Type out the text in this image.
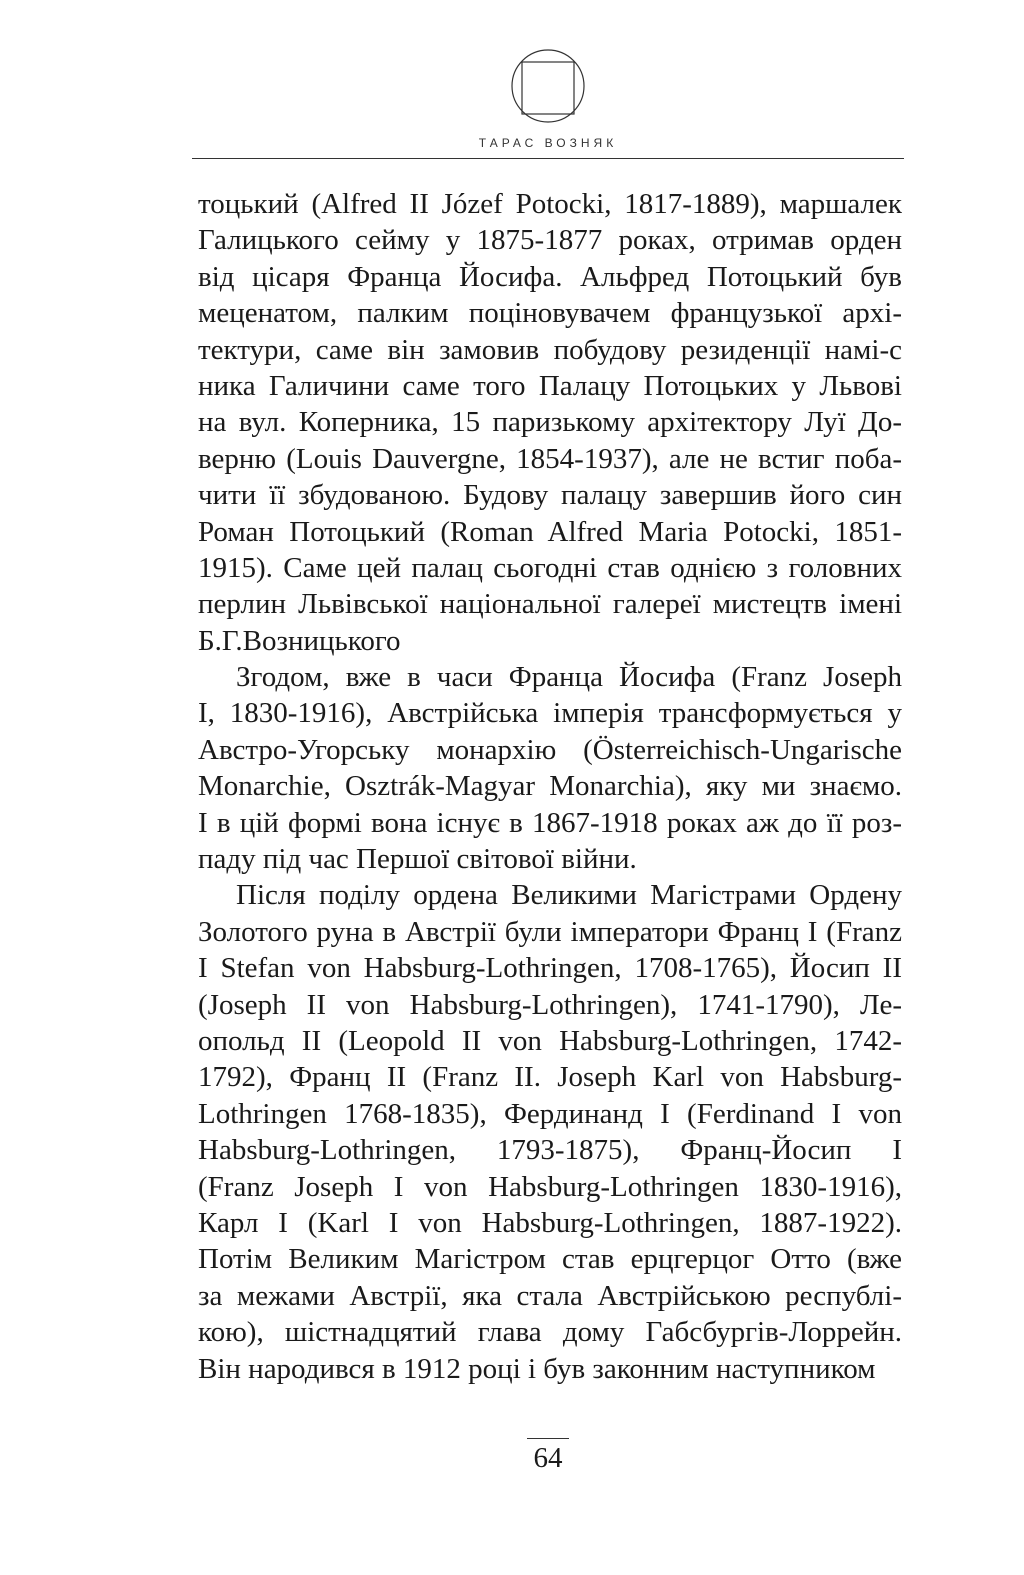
ТАРАС ВОЗНЯК
тоцький (Alfred II Józef Potocki, 1817-1889), маршалек
Галицького сейму у 1875-1877 роках, отримав орден
від цісаря Франца Йосифа. Альфред Потоцький був
меценатом, палким поціновувачем французької архі-
тектури, саме він замовив побудову резиденції намі-с
ника Галичини саме того Палацу Потоцьких у Львові
на вул. Коперника, 15 паризькому архітектору Луї До-
верню (Louis Dauvergne, 1854-1937), але не встиг поба-
чити її збудованою. Будову палацу завершив його син
Роман Потоцький (Roman Alfred Maria Potocki, 1851-
1915). Саме цей палац сьогодні став однією з головних
перлин Львівської національної галереї мистецтв імені
Б.Г.Возницького
Згодом, вже в часи Франца Йосифа (Franz Joseph
I, 1830-1916), Австрійська імперія трансформується у
Австро-Угорську монархію (Österreichisch-Ungarische
Monarchie, Osztrák-Magyar Monarchia), яку ми знаємо.
І в цій формі вона існує в 1867-1918 роках аж до її роз-
паду під час Першої світової війни.
Після поділу ордена Великими Магістрами Ордену
Золотого руна в Австрії були імператори Франц I (Franz
I Stefan von Habsburg-Lothringen, 1708-1765), Йосип II
(Joseph II von Habsburg-Lothringen), 1741-1790), Ле-
опольд II (Leopold II von Habsburg-Lothringen, 1742-
1792), Франц II (Franz II. Joseph Karl von Habsburg-
Lothringen 1768-1835), Фердинанд I (Ferdinand I von
Habsburg-Lothringen, 1793-1875), Франц-Йосип I
(Franz Joseph I von Habsburg-Lothringen 1830-1916),
Карл I (Karl I von Habsburg-Lothringen, 1887-1922).
Потім Великим Магістром став ерцгерцог Отто (вже
за межами Австрії, яка стала Австрійською республі-
кою), шістнадцятий глава дому Габсбургів-Лоррейн.
Він народився в 1912 році і був законним наступником
64
